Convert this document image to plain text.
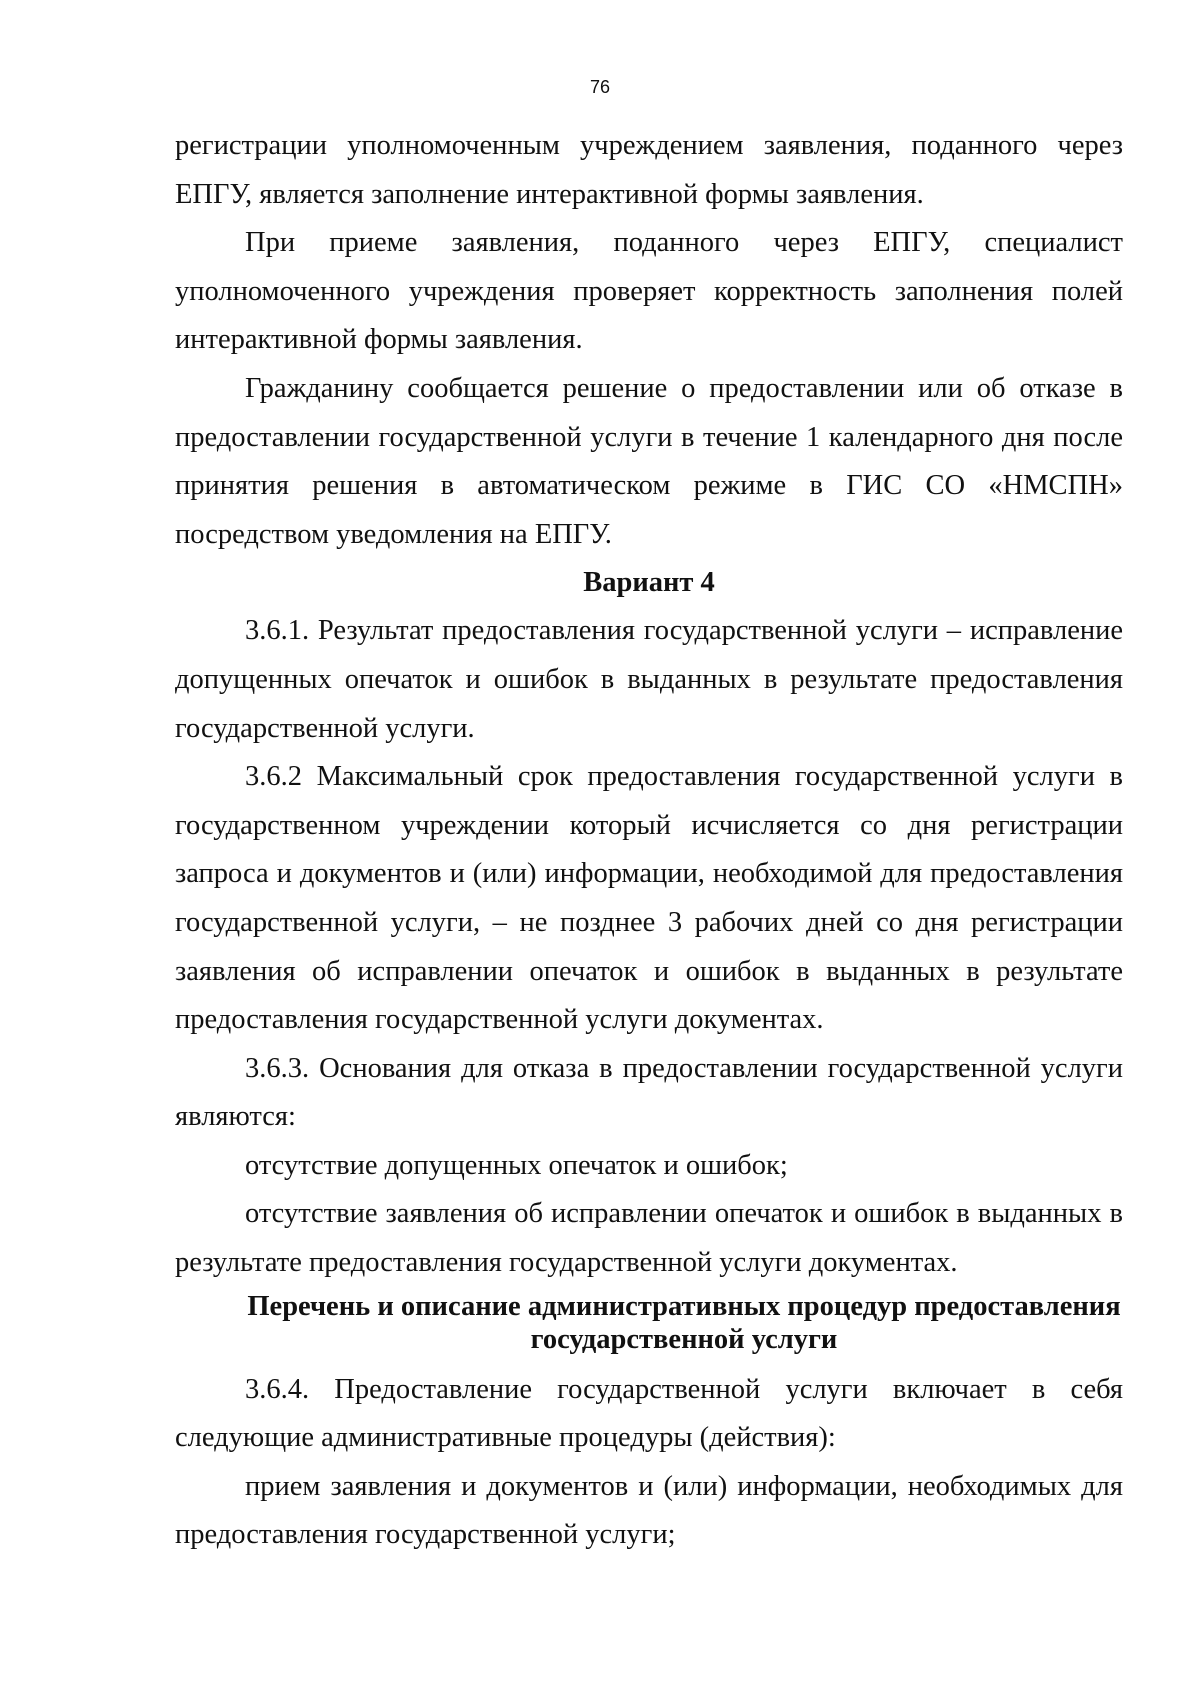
76

регистрации уполномоченным учреждением заявления, поданного через ЕПГУ, является заполнение интерактивной формы заявления.

При приеме заявления, поданного через ЕПГУ, специалист уполномоченного учреждения проверяет корректность заполнения полей интерактивной формы заявления.

Гражданину сообщается решение о предоставлении или об отказе в предоставлении государственной услуги в течение 1 календарного дня после принятия решения в автоматическом режиме в ГИС СО «НМСПН» посредством уведомления на ЕПГУ.

Вариант 4

3.6.1. Результат предоставления государственной услуги – исправление допущенных опечаток и ошибок в выданных в результате предоставления государственной услуги.

3.6.2 Максимальный срок предоставления государственной услуги в государственном учреждении который исчисляется со дня регистрации запроса и документов и (или) информации, необходимой для предоставления государственной услуги, – не позднее 3 рабочих дней со дня регистрации заявления об исправлении опечаток и ошибок в выданных в результате предоставления государственной услуги документах.

3.6.3. Основания для отказа в предоставлении государственной услуги являются:

отсутствие допущенных опечаток и ошибок;

отсутствие заявления об исправлении опечаток и ошибок в выданных в результате предоставления государственной услуги документах.

Перечень и описание административных процедур предоставления государственной услуги

3.6.4. Предоставление государственной услуги включает в себя следующие административные процедуры (действия):

прием заявления и документов и (или) информации, необходимых для предоставления государственной услуги;
